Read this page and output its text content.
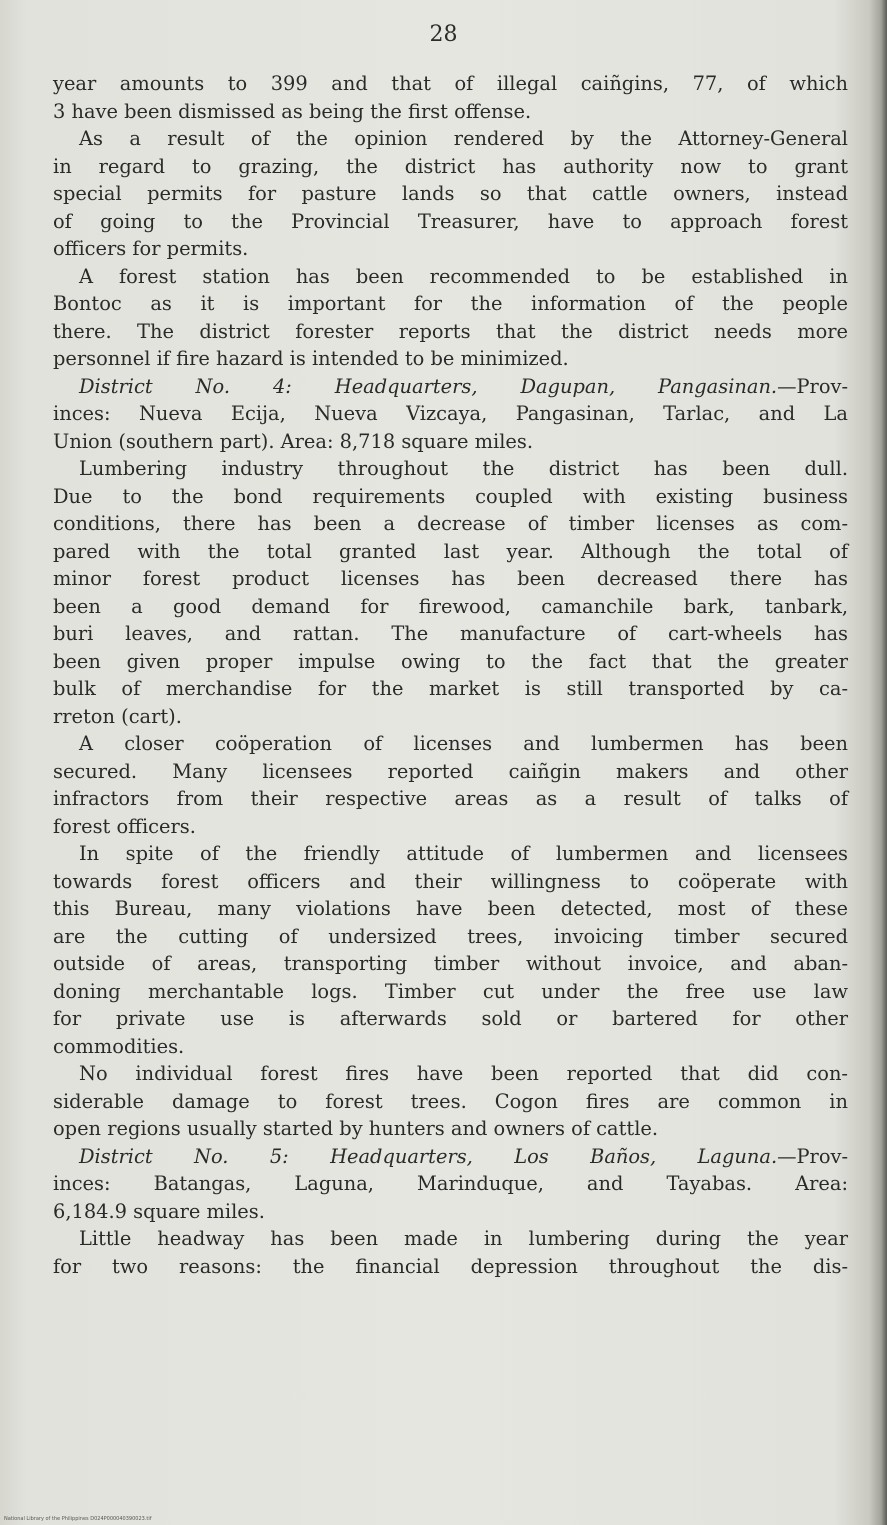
28
year amounts to 399 and that of illegal caiñgins, 77, of which
3 have been dismissed as being the first offense.
As a result of the opinion rendered by the Attorney-General
in regard to grazing, the district has authority now to grant
special permits for pasture lands so that cattle owners, instead
of going to the Provincial Treasurer, have to approach forest
officers for permits.
A forest station has been recommended to be established in
Bontoc as it is important for the information of the people
there. The district forester reports that the district needs more
personnel if fire hazard is intended to be minimized.
District No. 4: Headquarters, Dagupan, Pangasinan.—Prov-
inces: Nueva Ecija, Nueva Vizcaya, Pangasinan, Tarlac, and La
Union (southern part). Area: 8,718 square miles.
Lumbering industry throughout the district has been dull.
Due to the bond requirements coupled with existing business
conditions, there has been a decrease of timber licenses as com-
pared with the total granted last year. Although the total of
minor forest product licenses has been decreased there has
been a good demand for firewood, camanchile bark, tanbark,
buri leaves, and rattan. The manufacture of cart-wheels has
been given proper impulse owing to the fact that the greater
bulk of merchandise for the market is still transported by ca-
rreton (cart).
A closer coöperation of licenses and lumbermen has been
secured. Many licensees reported caiñgin makers and other
infractors from their respective areas as a result of talks of
forest officers.
In spite of the friendly attitude of lumbermen and licensees
towards forest officers and their willingness to coöperate with
this Bureau, many violations have been detected, most of these
are the cutting of undersized trees, invoicing timber secured
outside of areas, transporting timber without invoice, and aban-
doning merchantable logs. Timber cut under the free use law
for private use is afterwards sold or bartered for other
commodities.
No individual forest fires have been reported that did con-
siderable damage to forest trees. Cogon fires are common in
open regions usually started by hunters and owners of cattle.
District No. 5: Headquarters, Los Baños, Laguna.—Prov-
inces: Batangas, Laguna, Marinduque, and Tayabas. Area:
6,184.9 square miles.
Little headway has been made in lumbering during the year
for two reasons: the financial depression throughout the dis-
National Library of the Philippines D024P000040390023.tif
